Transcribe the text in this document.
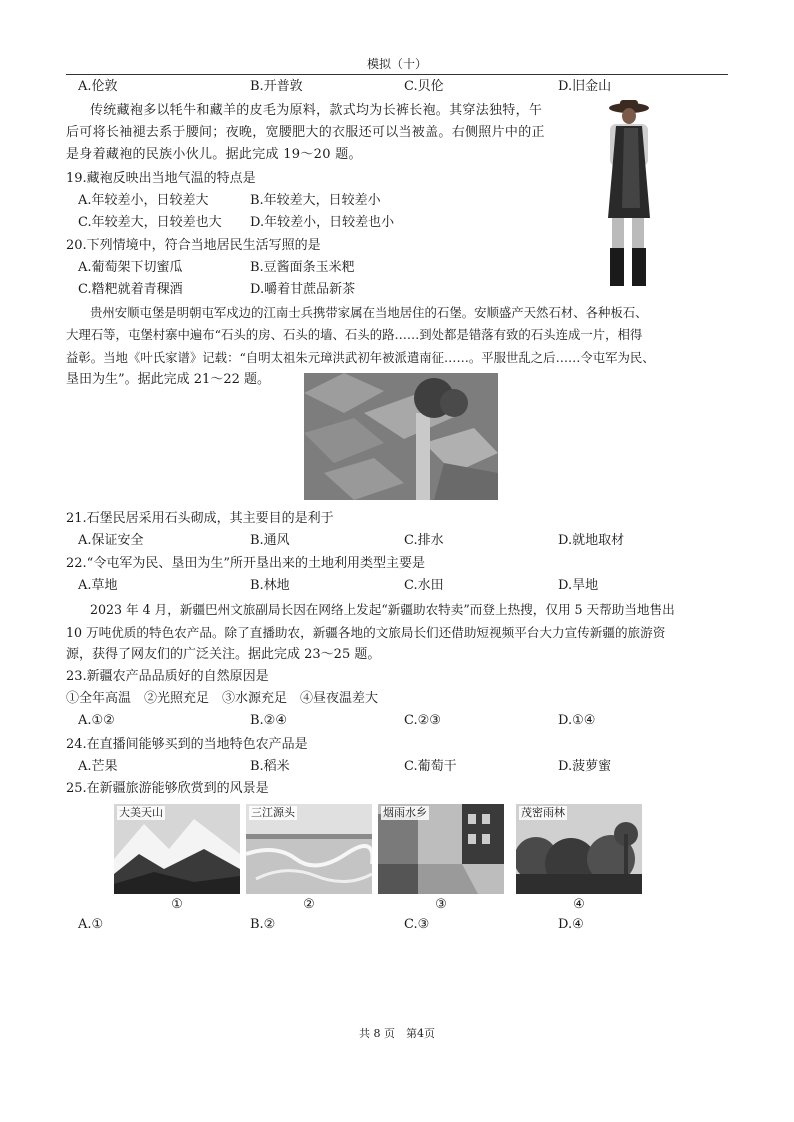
模拟（十）
A.伦敦	B.开普敦	C.贝伦	D.旧金山
传统藏袍多以牦牛和藏羊的皮毛为原料，款式均为长裤长袍。其穿法独特，午
后可将长袖褪去系于腰间；夜晚，宽腰肥大的衣服还可以当被盖。右侧照片中的正
是身着藏袍的民族小伙儿。据此完成 19～20 题。
19.藏袍反映出当地气温的特点是
A.年较差小，日较差大	B.年较差大，日较差小
C.年较差大，日较差也大 D.年较差小，日较差也小
20.下列情境中，符合当地居民生活写照的是
A.葡萄架下切蜜瓜	B.豆酱面条玉米粑
C.糌粑就着青稞酒	D.嚼着甘蔗品新茶
贵州安顺屯堡是明朝屯军戍边的江南士兵携带家属在当地居住的石堡。安顺盛产天然石材、各种板石、
大理石等，屯堡村寨中遍布“石头的房、石头的墙、石头的路……到处都是错落有致的石头连成一片，相得
益彰。当地《叶氏家谱》记载：“自明太祖朱元璋洪武初年被派遣南征……。平服世乱之后……令屯军为民、
垦田为生”。据此完成 21～22 题。
21.石堡民居采用石头砌成，其主要目的是利于
A.保证安全	B.通风	C.排水	D.就地取材
22.“令屯军为民、垦田为生”所开垦出来的土地利用类型主要是
A.草地	B.林地	C.水田	D.旱地
2023 年 4 月，新疆巴州文旅副局长因在网络上发起“新疆助农特卖”而登上热搜，仅用 5 天帮助当地售出
10 万吨优质的特色农产品。除了直播助农，新疆各地的文旅局长们还借助短视频平台大力宣传新疆的旅游资
源，获得了网友们的广泛关注。据此完成 23～25 题。
23.新疆农产品品质好的自然原因是
①全年高温　②光照充足　③水源充足　④昼夜温差大
A.①②	B.②④	C.②③	D.①④
24.在直播间能够买到的当地特色农产品是
A.芒果	B.稻米	C.葡萄干	D.菠萝蜜
25.在新疆旅游能够欣赏到的风景是
大美天山	三江源头	烟雨水乡	茂密雨林
①	②	③	④
A.①	B.②	C.③	D.④
共 8 页　第4页
